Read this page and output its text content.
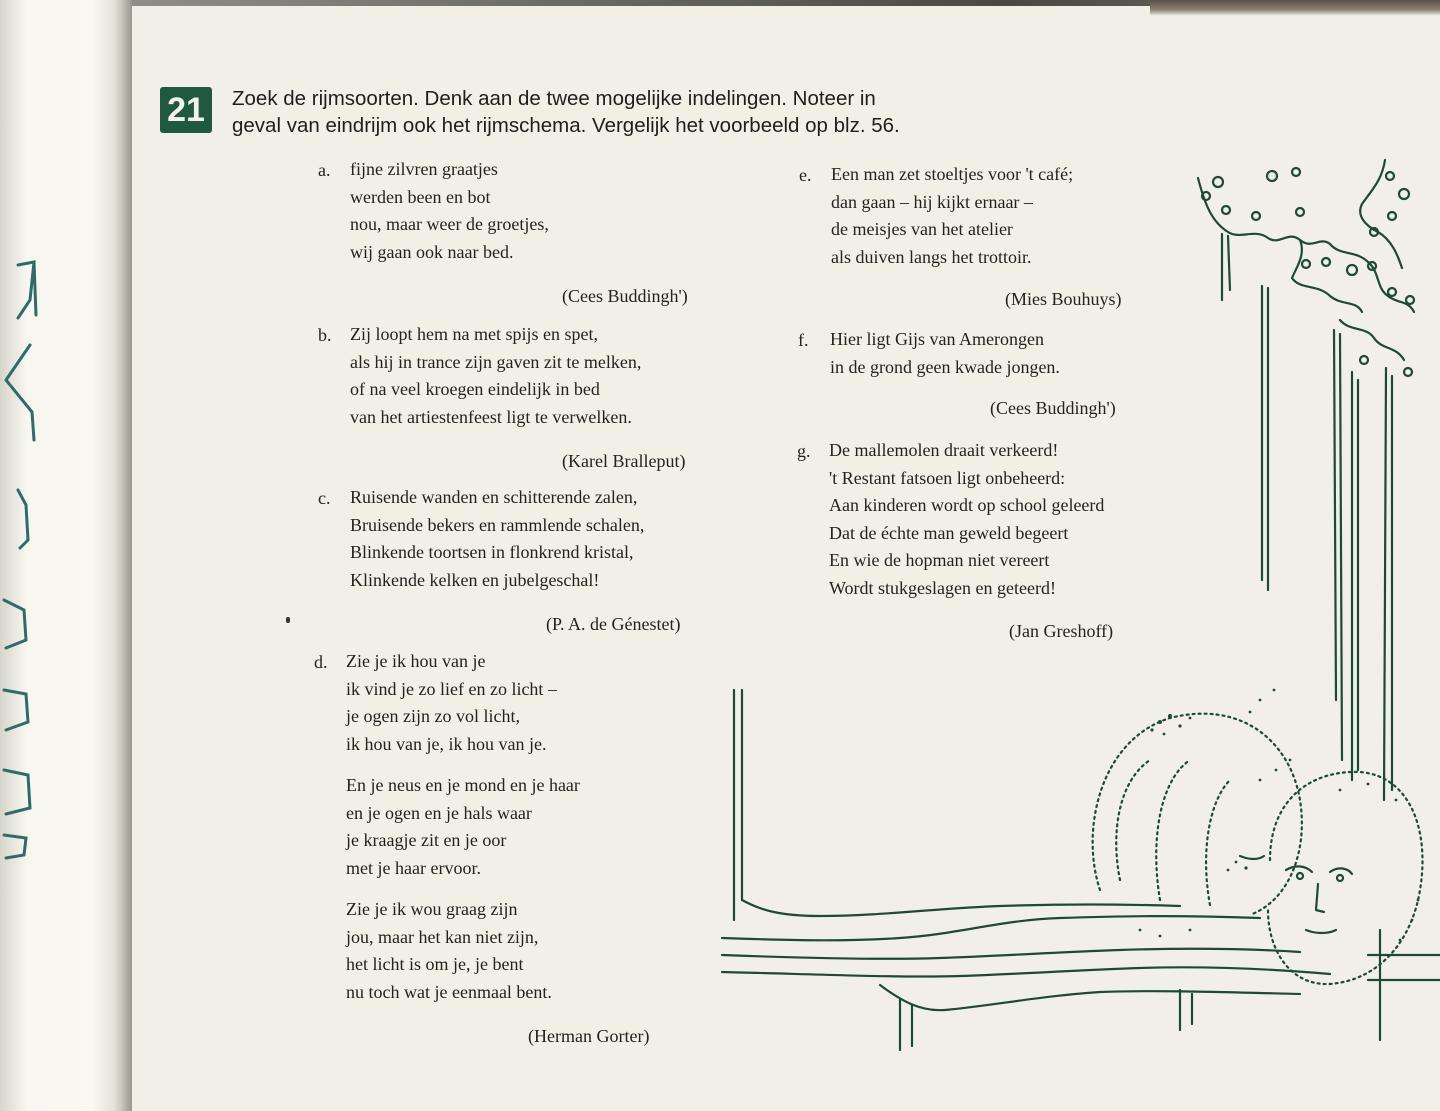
21	Zoek de rijmsoorten. Denk aan de twee mogelijke indelingen. Noteer in
geval van eindrijm ook het rijmschema. Vergelijk het voorbeeld op blz. 56.

a. fijne zilvren graatjes
werden been en bot
nou, maar weer de groetjes,
wij gaan ook naar bed.
(Cees Buddingh')
b. Zij loopt hem na met spijs en spet,
als hij in trance zijn gaven zit te melken,
of na veel kroegen eindelijk in bed
van het artiestenfeest ligt te verwelken.
(Karel Bralleput)
c. Ruisende wanden en schitterende zalen,
Bruisende bekers en rammlende schalen,
Blinkende toortsen in flonkrend kristal,
Klinkende kelken en jubelgeschal!
(P. A. de Génestet)
d. Zie je ik hou van je
ik vind je zo lief en zo licht –
je ogen zijn zo vol licht,
ik hou van je, ik hou van je.
En je neus en je mond en je haar
en je ogen en je hals waar
je kraagje zit en je oor
met je haar ervoor.
Zie je ik wou graag zijn
jou, maar het kan niet zijn,
het licht is om je, je bent
nu toch wat je eenmaal bent.
(Herman Gorter)
e. Een man zet stoeltjes voor 't café;
dan gaan – hij kijkt ernaar –
de meisjes van het atelier
als duiven langs het trottoir.
(Mies Bouhuys)
f. Hier ligt Gijs van Amerongen
in de grond geen kwade jongen.
(Cees Buddingh')
g. De mallemolen draait verkeerd!
't Restant fatsoen ligt onbeheerd:
Aan kinderen wordt op school geleerd
Dat de échte man geweld begeert
En wie de hopman niet vereert
Wordt stukgeslagen en geteerd!
(Jan Greshoff)
